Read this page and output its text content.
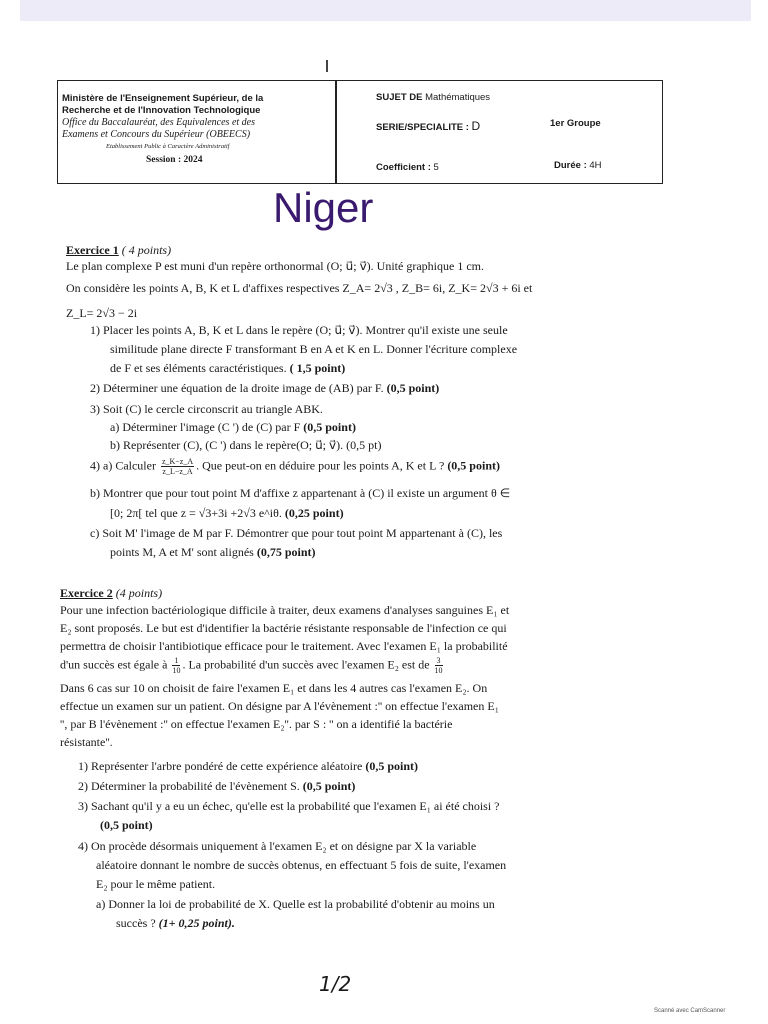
Ministère de l'Enseignement Supérieur, de la
Recherche et de l'Innovation Technologique
Office du Baccalauréat, des Equivalences et des
Examens et Concours du Supérieur (OBEECS)
Etablissement Public à Caractère Administratif
Session : 2024
SUJET DE Mathématiques
SERIE/SPECIALITE : D	1er Groupe
Coefficient : 5	Durée : 4H
Niger
Exercice 1 ( 4 points)
Le plan complexe P est muni d'un repère orthonormal (O; u⃗; v⃗). Unité graphique 1 cm.
On considère les points A, B, K et L d'affixes respectives Z_A= 2√3 , Z_B= 6i, Z_K= 2√3 + 6i et
Z_L= 2√3 − 2i
1) Placer les points A, B, K et L dans le repère (O; u⃗; v⃗). Montrer qu'il existe une seule
similitude plane directe F transformant B en A et K en L. Donner l'écriture complexe
de F et ses éléments caractéristiques. ( 1,5 point)
2) Déterminer une équation de la droite image de (AB) par F. (0,5 point)
3) Soit (C) le cercle circonscrit au triangle ABK.
a) Déterminer l'image (C ') de (C) par F (0,5 point)
b) Représenter (C), (C ') dans le repère(O; u⃗; v⃗). (0,5 pt)
4) a) Calculer $\frac{z\_K-z\_A}{z\_L-z\_A}$ . Que peut-on en déduire pour les points A, K et L ? (0,5 point)
b) Montrer que pour tout point M d'affixe z appartenant à (C) il existe un argument θ ∈
[0; 2π[ tel que z = √3+3i +2√3 e^iθ. (0,25 point)
c) Soit M' l'image de M par F. Démontrer que pour tout point M appartenant à (C), les
points M, A et M' sont alignés (0,75 point)
Exercice 2 (4 points)
Pour une infection bactériologique difficile à traiter, deux examens d'analyses sanguines E₁ et
E₂ sont proposés. Le but est d'identifier la bactérie résistante responsable de l'infection ce qui
permettra de choisir l'antibiotique efficace pour le traitement. Avec l'examen E₁ la probabilité
d'un succès est égale à $\frac{1}{10}$ . La probabilité d'un succès avec l'examen E₂ est de $\frac{3}{10}$
Dans 6 cas sur 10 on choisit de faire l'examen E₁ et dans les 4 autres cas l'examen E₂. On
effectue un examen sur un patient. On désigne par A l'évènement :'' on effectue l'examen E₁
'', par B l'évènement :'' on effectue l'examen E₂''. par S : '' on a identifié la bactérie
résistante''.
1) Représenter l'arbre pondéré de cette expérience aléatoire (0,5 point)
2) Déterminer la probabilité de l'évènement S. (0,5 point)
3) Sachant qu'il y a eu un échec, qu'elle est la probabilité que l'examen E₁ ai été choisi ?
(0,5 point)
4) On procède désormais uniquement à l'examen E₂ et on désigne par X la variable
aléatoire donnant le nombre de succès obtenus, en effectuant 5 fois de suite, l'examen
E₂ pour le même patient.
a) Donner la loi de probabilité de X. Quelle est la probabilité d'obtenir au moins un
succès ? (1+ 0,25 point).
1/2
Scanné avec CamScanner
